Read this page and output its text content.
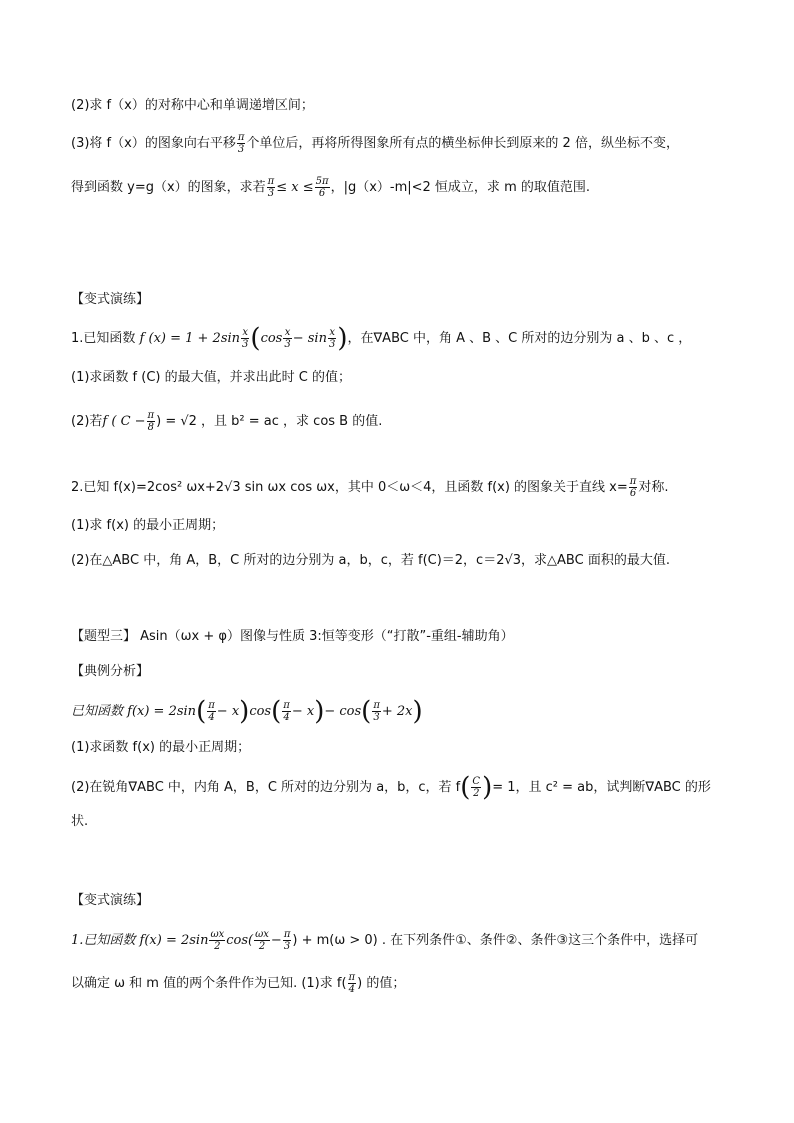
(2)求 f（x）的对称中心和单调递增区间；
(3)将 f（x）的图象向右平移 $\frac{\pi}{3}$ 个单位后，再将所得图象所有点的横坐标伸长到原来的 2 倍，纵坐标不变，
得到函数 y=g（x）的图象，求若 $\frac{\pi}{3} \le x \le \frac{5\pi}{6}$ ，|g（x）-m|<2 恒成立，求 m 的取值范围.
【变式演练】
1.已知函数 f $(x) = 1 + 2\sin \frac{x}{3} (\cos \frac{x}{3} - \sin \frac{x}{3}$ )，在∇ABC 中，角 A 、B 、C 所对的边分别为 a 、b 、c ，
(1)求函数 f (C) 的最大值，并求出此时 C 的值；
(2)若f ( $C - \frac{\pi}{8}$ ) = √2 ，且 b² = ac ，求 cos B 的值.
2.已知 f(x)=2cos² ωx+2√3 sin ωx cos ωx，其中 0＜ω＜4，且函数 f(x) 的图象关于直线 $x= \frac{\pi}{6}$ 对称.
(1)求 f(x) 的最小正周期；
(2)在△ABC 中，角 A，B，C 所对的边分别为 a，b，c，若 f(C)＝2，c＝2√3，求△ABC 面积的最大值.
【题型三】 Asin（ωx + φ）图像与性质 3:恒等变形（“打散”-重组-辅助角）
【典例分析】
已知函数 $f(x) = 2\sin( \frac{\pi}{4} - x)\cos( \frac{\pi}{4} - x)- \cos( \frac{\pi}{3} + 2x)$
(1)求函数 f(x) 的最小正周期；
(2)在锐角∇ABC 中，内角 A，B，C 所对的边分别为 a，b，c，若 $f( \frac{C}{2}$ )= 1，且 c² = ab，试判断∇ABC 的形
状.
【变式演练】
1.已知函数 $f(x) = 2\sin \frac{\omega x}{2} \cos( \frac{\omega x}{2} - \frac{\pi}{3}$ ) + m(ω > 0) . 在下列条件①、条件②、条件③这三个条件中，选择可
以确定 ω 和 m 值的两个条件作为已知. (1)求 $f( \frac{\pi}{4}$ ) 的值；
